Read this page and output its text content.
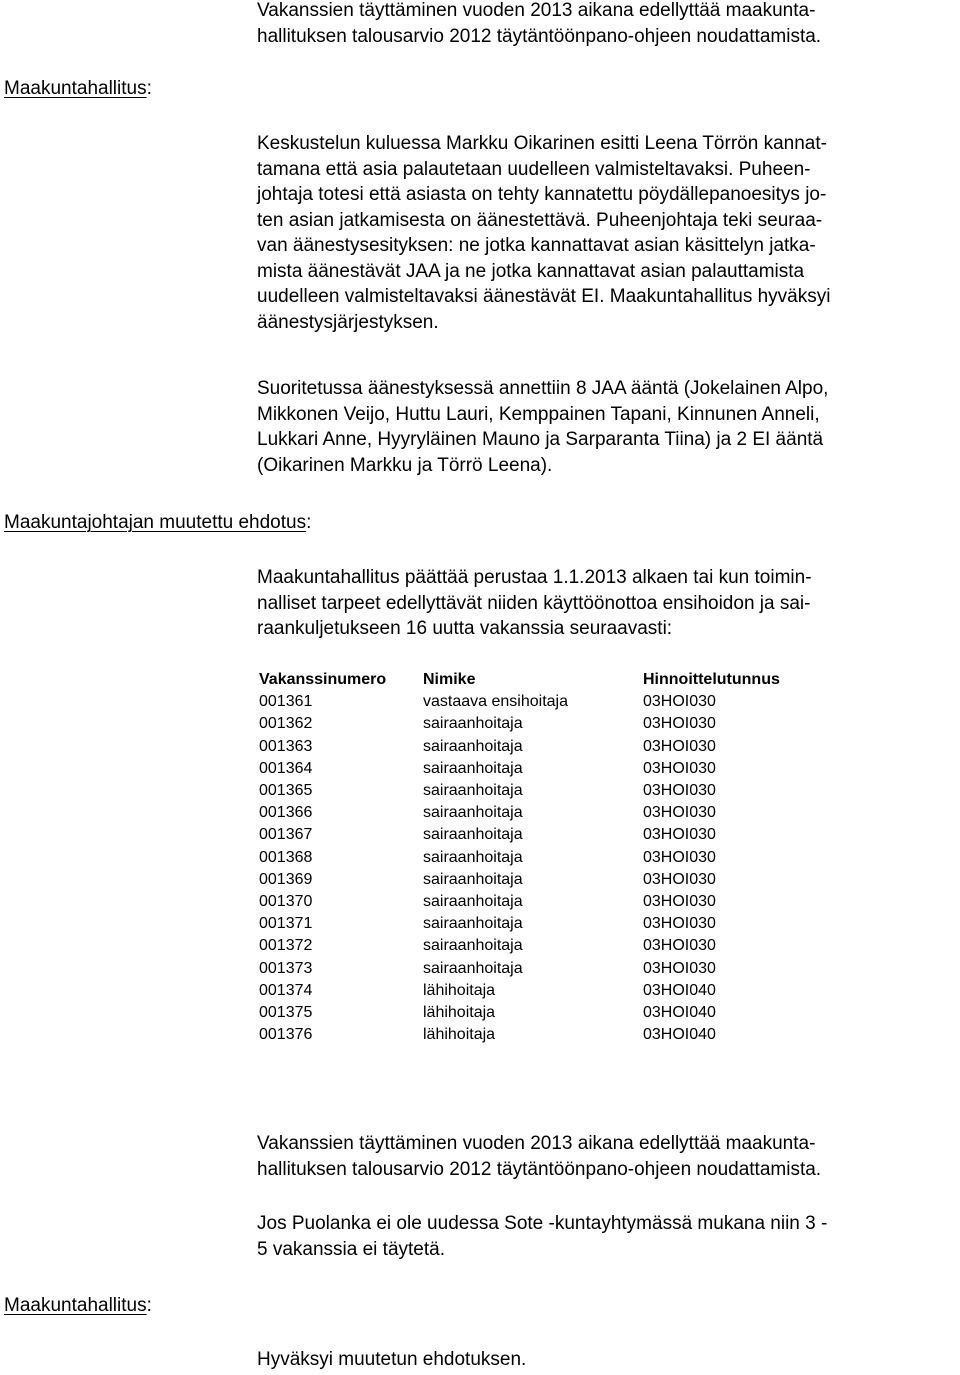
Vakanssien täyttäminen vuoden 2013 aikana edellyttää maakunta-
hallituksen talousarvio 2012 täytäntöönpano-ohjeen noudattamista.

Maakuntahallitus:

Keskustelun kuluessa Markku Oikarinen esitti Leena Törrön kannat-
tamana että asia palautetaan uudelleen valmisteltavaksi. Puheen-
johtaja totesi että asiasta on tehty kannatettu pöydällepanoesitys jo-
ten asian jatkamisesta on äänestettävä. Puheenjohtaja teki seuraa-
van äänestysesityksen: ne jotka kannattavat asian käsittelyn jatka-
mista äänestävät JAA ja ne jotka kannattavat asian palauttamista
uudelleen valmisteltavaksi äänestävät EI. Maakuntahallitus hyväksyi
äänestysjärjestyksen.

Suoritetussa äänestyksessä annettiin 8 JAA ääntä (Jokelainen Alpo,
Mikkonen Veijo, Huttu Lauri, Kemppainen Tapani, Kinnunen Anneli,
Lukkari Anne, Hyyryläinen Mauno ja Sarparanta Tiina) ja 2 EI ääntä
(Oikarinen Markku ja Törrö Leena).

Maakuntajohtajan muutettu ehdotus:

Maakuntahallitus päättää perustaa 1.1.2013 alkaen tai kun toimin-
nalliset tarpeet edellyttävät niiden käyttöönottoa ensihoidon ja sai-
raankuljetukseen 16 uutta vakanssia seuraavasti:

Vakanssinumero	Nimike	Hinnoittelutunnus
001361	vastaava ensihoitaja	03HOI030
001362	sairaanhoitaja	03HOI030
001363	sairaanhoitaja	03HOI030
001364	sairaanhoitaja	03HOI030
001365	sairaanhoitaja	03HOI030
001366	sairaanhoitaja	03HOI030
001367	sairaanhoitaja	03HOI030
001368	sairaanhoitaja	03HOI030
001369	sairaanhoitaja	03HOI030
001370	sairaanhoitaja	03HOI030
001371	sairaanhoitaja	03HOI030
001372	sairaanhoitaja	03HOI030
001373	sairaanhoitaja	03HOI030
001374	lähihoitaja	03HOI040
001375	lähihoitaja	03HOI040
001376	lähihoitaja	03HOI040

Vakanssien täyttäminen vuoden 2013 aikana edellyttää maakunta-
hallituksen talousarvio 2012 täytäntöönpano-ohjeen noudattamista.

Jos Puolanka ei ole uudessa Sote -kuntayhtymässä mukana niin 3 -
5 vakanssia ei täytetä.

Maakuntahallitus:

Hyväksyi muutetun ehdotuksen.
